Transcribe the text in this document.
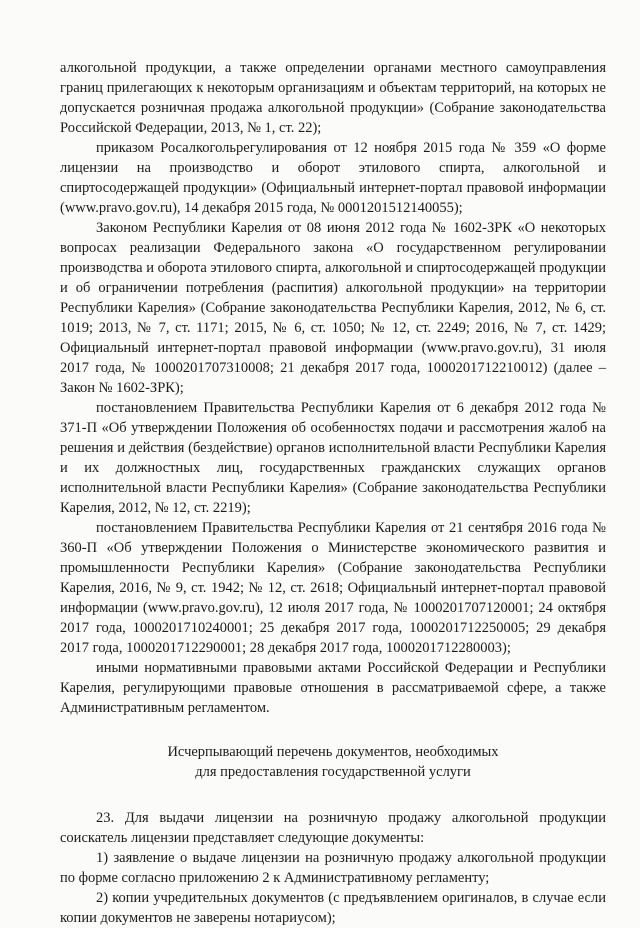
алкогольной продукции, а также определении органами местного самоуправления границ прилегающих к некоторым организациям и объектам территорий, на которых не допускается розничная продажа алкогольной продукции» (Собрание законодательства Российской Федерации, 2013, № 1, ст. 22);

приказом Росалкогольрегулирования от 12 ноября 2015 года № 359 «О форме лицензии на производство и оборот этилового спирта, алкогольной и спиртосодержащей продукции» (Официальный интернет-портал правовой информации (www.pravo.gov.ru), 14 декабря 2015 года, № 0001201512140055);

Законом Республики Карелия от 08 июня 2012 года № 1602-ЗРК «О некоторых вопросах реализации Федерального закона «О государственном регулировании производства и оборота этилового спирта, алкогольной и спиртосодержащей продукции и об ограничении потребления (распития) алкогольной продукции» на территории Республики Карелия» (Собрание законодательства Республики Карелия, 2012, № 6, ст. 1019; 2013, № 7, ст. 1171; 2015, № 6, ст. 1050; № 12, ст. 2249; 2016, № 7, ст. 1429; Официальный интернет-портал правовой информации (www.pravo.gov.ru), 31 июля 2017 года, № 1000201707310008; 21 декабря 2017 года, 1000201712210012) (далее – Закон № 1602-ЗРК);

постановлением Правительства Республики Карелия от 6 декабря 2012 года № 371-П «Об утверждении Положения об особенностях подачи и рассмотрения жалоб на решения и действия (бездействие) органов исполнительной власти Республики Карелия и их должностных лиц, государственных гражданских служащих органов исполнительной власти Республики Карелия» (Собрание законодательства Республики Карелия, 2012, № 12, ст. 2219);

постановлением Правительства Республики Карелия от 21 сентября 2016 года № 360-П «Об утверждении Положения о Министерстве экономического развития и промышленности Республики Карелия» (Собрание законодательства Республики Карелия, 2016, № 9, ст. 1942; № 12, ст. 2618; Официальный интернет-портал правовой информации (www.pravo.gov.ru), 12 июля 2017 года, № 1000201707120001; 24 октября 2017 года, 1000201710240001; 25 декабря 2017 года, 1000201712250005; 29 декабря 2017 года, 1000201712290001; 28 декабря 2017 года, 1000201712280003);

иными нормативными правовыми актами Российской Федерации и Республики Карелия, регулирующими правовые отношения в рассматриваемой сфере, а также Административным регламентом.

Исчерпывающий перечень документов, необходимых
для предоставления государственной услуги

23. Для выдачи лицензии на розничную продажу алкогольной продукции соискатель лицензии представляет следующие документы:

1) заявление о выдаче лицензии на розничную продажу алкогольной продукции по форме согласно приложению 2 к Административному регламенту;

2) копии учредительных документов (с предъявлением оригиналов, в случае если копии документов не заверены нотариусом);
